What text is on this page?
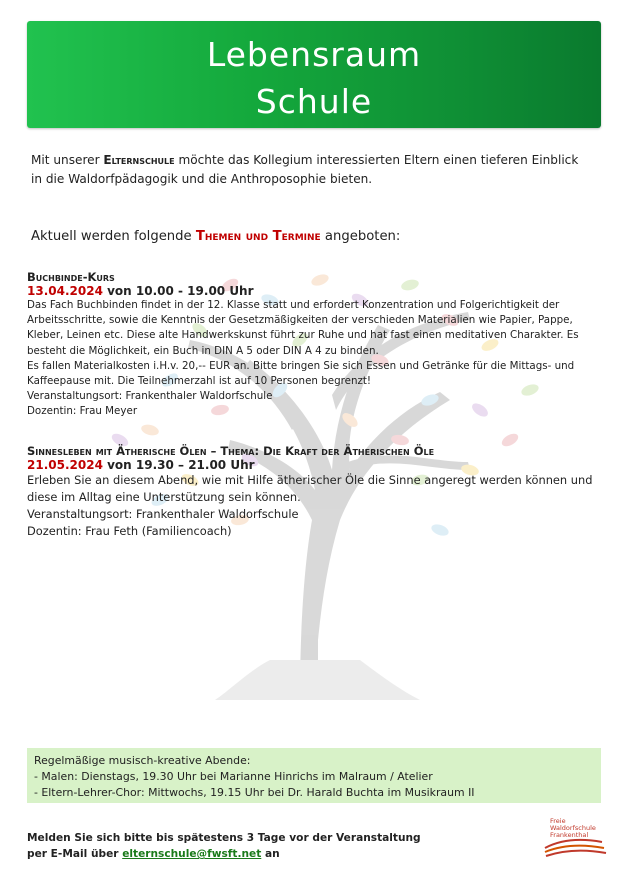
Lebensraum
Schule
Mit unserer Elternschule möchte das Kollegium interessierten Eltern einen tieferen Einblick in die Waldorfpädagogik und die Anthroposophie bieten.
Aktuell werden folgende Themen und Termine angeboten:
Buchbinde-Kurs
13.04.2024 von 10.00 - 19.00 Uhr

Das Fach Buchbinden findet in der 12. Klasse statt und erfordert Konzentration und Folgerichtigkeit der Arbeitsschritte, sowie die Kenntnis der Gesetzmäßigkeiten der verschieden Materialien wie Papier, Pappe, Kleber, Leinen etc. Diese alte Handwerkskunst führt zur Ruhe und hat fast einen meditativen Charakter. Es besteht die Möglichkeit, ein Buch in DIN A 5 oder DIN A 4 zu binden.

Es fallen Materialkosten i.H.v. 20,-- EUR an. Bitte bringen Sie sich Essen und Getränke für die Mittags- und Kaffeepause mit. Die Teilnehmerzahl ist auf 10 Personen begrenzt!

Veranstaltungsort: Frankenthaler Waldorfschule

Dozentin: Frau Meyer

Sinnesleben mit Ätherische Ölen – Thema: Die Kraft der Ätherischen Öle
21.05.2024 von 19.30 – 21.00 Uhr

Erleben Sie an diesem Abend, wie mit Hilfe ätherischer Öle die Sinne angeregt werden können und diese im Alltag eine Unterstützung sein können.

Veranstaltungsort: Frankenthaler Waldorfschule

Dozentin: Frau Feth (Familiencoach)

Regelmäßige musisch-kreative Abende:
- Malen: Dienstags, 19.30 Uhr bei Marianne Hinrichs im Malraum / Atelier
- Eltern-Lehrer-Chor: Mittwochs, 19.15 Uhr bei Dr. Harald Buchta im Musikraum II
Melden Sie sich bitte bis spätestens 3 Tage vor der Veranstaltung
per E-Mail über elternschule@fwsft.net an
Freie
Waldorfschule
Frankenthal
